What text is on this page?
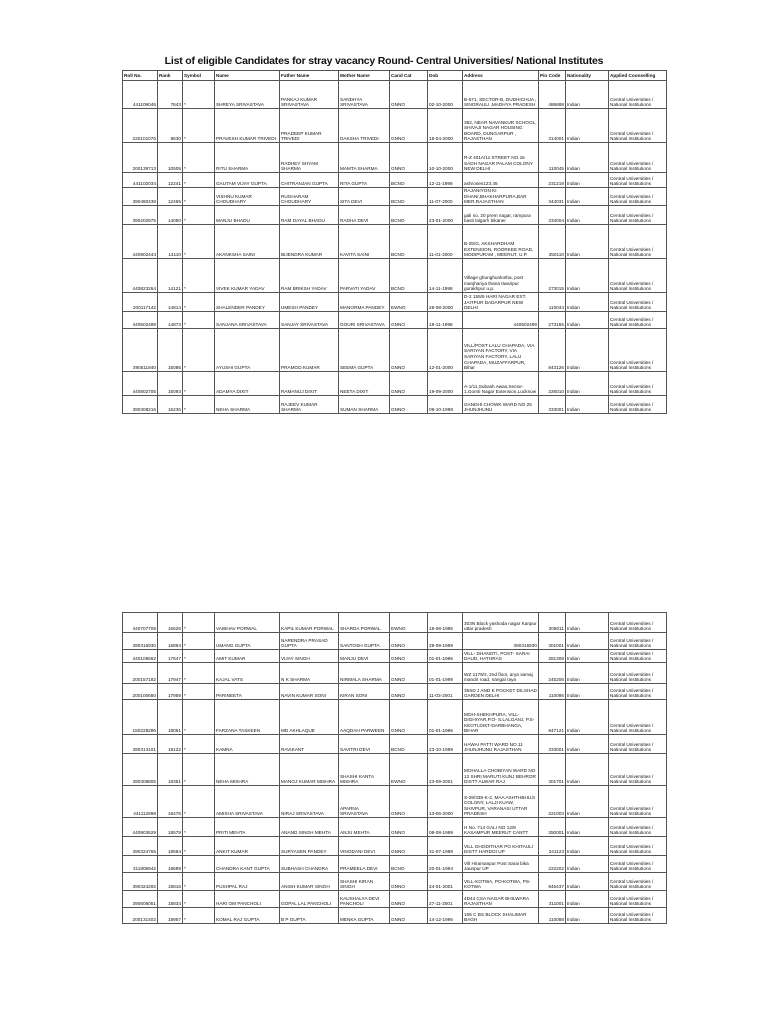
List of eligible Candidates for stray vacancy Round- Central Universities/ National Institutes
Roll No.	Rank	Symbol	Name	Father Name	Mother Name	Cand Cat	Dob	Address	Pin Code	Nationality	Applied Counselling
441109046	7643	*	SHREYA SRIVASTAVA	PANKAJ KUMAR SRIVASTAVA	SANDHYA SRIVASTAVA	GNNO	02-10-2000	B-571, SECTOR-B, DUDHICHUA , SINGRAULI ,MADHYA PRADESH	486888	Indian	Central Universities / National Institutions
220101075	8530	*	PRAVESH KUMAR TRIVEDI	PRADEEP KUMAR TRIVEDI	DAKSHA TRIVEDI	GNNO	18-04-2000	382, NEAR NAVANKUR SCHOOL, SHIVAJI NAGAR HOUSING BOARD, DUNGARPUR , RAJASTHAN	314001	Indian	Central Universities / National Institutions
200139713	10505	*	RITU SHARMA	RADHEY SHYAM SHARMA	MAMTA SHARMA	GNNO	10-10-2000	R-Z 401A/11 STREET NO.16 SADH NAGAR PALAM COLONY NEW DELHI	110045	Indian	Central Universities / National Institutions
441102034	12241	*	GAUTAM VIJAY GUPTA	CHITRANJAN GUPTA	RITA GUPTA	BCNO	12-11-1999	ashrosen123.45	231219	Indian	Central Universities / National Institutions
390480438	12465	*	VISHNU KUMAR CHOUDHARY	RUGHARAM CHOUDHARY	SITA DEVI	BCNO	11-07-2000	RAJANIYON KI DHANI,BHAKHARPURA,BAR MER,RAJASTHAN	344031	Indian	Central Universities / National Institutions
390202975	14050	*	MANJU BHADU	RAM DAYAL BHADU	RADHA DEVI	BCNO	23-01-2000	gali no. 20 prem nagar, rampura basti lalgarh bikaner	334004	Indian	Central Universities / National Institutions
440902444	14110	*	AKANKSHA SAINI	BIJENDRA KUMAR	KAVITA SAINI	BCNO	11-01-2000	B-25/G, AKSHARDHAM EXTENSION, ROORKEE ROAD, MODIPURAM , MEERUT, U.P.	250110	Indian	Central Universities / National Institutions
440823264	14121	*	VIVEK KUMAR YADAV	RAM BRIKSH YADAV	PARVATI YADAV	BCNO	14-11-1998	Village ghunghunkotha, post manjhariya thana tiwaripur gorakhpur u.p.	273015	Indian	Central Universities / National Institutions
200117142	14814	*	SHALENDER PANDEY	UMESH PANDEY	MANORMA PANDEY	EWNO	28-08-2000	D-2 155/5 HARI NAGAR EXT. JAITPUR BADARPUR NEW DELHI	110044	Indian	Central Universities / National Institutions
440502499	14873	*	SANJANA SRIVASTAVA	SANJAY SRIVASTAVA	GOURI SRIVASTAVA	GNNO	18-11-1998	440502499	273155	Indian	Central Universities / National Institutions
390511840	16086	*	AYUSHI GUPTA	PRAMOD KUMAR	SEEMA GUPTA	GNNO	12-01-2000	VILL/POST LALU CHAPADA, VIA SARIYAN FACTORY, VIA SARIYAN FACTORY, LALU CHAPADA, MUZAFFARPUR, Bihar	843126	Indian	Central Universities / National Institutions
440802705	16093	*	ADAMYA DIXIT	RAMANUJ DIXIT	NEETA DIXIT	GNNO	19-09-2000	A-1/11,Subash Awas,Sector-1,Gomti Nagar Extension,Lucknow	226010	Indian	Central Universities / National Institutions
390308216	16236	*	NEHA SHARMA	RAJEEV KUMAR SHARMA	SUMAN SHARMA	GNNO	09-10-1998	GANDHI CHOWK WARD NO.25 JHUNJHUNU	333001	Indian	Central Universities / National Institutions
440707709	16626	*	VAIBHAV PORWAL	KAPIL KUMAR PORWAL	SHARDA PORWAL	EWNO	18-08-1996	303N Block yashoda nagar Kanpur uttar pradesh	208011	Indian	Central Universities / National Institutions
390316930	16894	*	UMANG GUPTA	NARENDRA PRASAD GUPTA	SANTOSH GUPTA	GNNO	29-09-1999	390316930	301001	Indian	Central Universities / National Institutions
440108562	17647	*	AMIT KUMAR	VIJAY SINGH	MANJU DEVI	GNNO	01-01-1996	VILL- DHANOTI, POST- SARAI DAUD, HATHRAS	281308	Indian	Central Universities / National Institutions
200157182	17947	*	KAJAL VATS	N K SHARMA	NIRMALA SHARMA	GNNO	01-01-1999	WZ 1179/3, 2nd floor, arya samaj mandir road, nangal raya	245206	Indian	Central Universities / National Institutions
200100650	17959	*	PARINEETA	NAVIN KUMAR SONI	KIRAN SONI	GNNO	11-03-2001	35SD J AND K POCKET DILSHAD GARDEN DELHI	110095	Indian	Central Universities / National Institutions
150228296	18061	*	FARZANA TASKEEN	MD AKHLAQUE	AAQDAH PARWEEN	GNNO	01-01-1996	MOH-SHEKHPURA, VILL-DIGHIYAR,P.O- S.LALGANJ, P.S- KEOTI,DIST-DARBHANGA, BIHAR	847121	Indian	Central Universities / National Institutions
390313101	18122	*	KAMNA	RAVIKANT	SAVITRI DEVI	BCNO	23-10-1999	HAWAI PATTI WARD NO.11 JHUNJHUNU RAJASTHAN	333001	Indian	Central Universities / National Institutions
390308805	18351	*	NEHA MISHRA	MANOJ KUMAR MISHRA	SHASHI KANTA MISHRA	EWNO	23-09-2001	MOHALLA CHOBIYAN WARD NO 12 SHRI MARUTI KUNJ BEHROR DISTT ALWAR RAJ	301701	Indian	Central Universities / National Institutions
441112898	18476	*	AMISHA SRIVASTAVA	NIRAJ SRIVASTAVA	APARNA SRIVASTAVA	GNNO	13-06-2000	S-29/338-K-2, MAA ASHTHBHUJI COLONY, LALJI KUAW, SHIVPUR, VARANASI UTTAR PRADESH	221003	Indian	Central Universities / National Institutions
440903629	18578	*	PRITI MEHTA	ANAND SINGH MEHTA	ANJU MEHTA	GNNO	08-08-1999	H No. 714 GALI NO 12/8 KASAMPUR MEERUT CANTT	250001	Indian	Central Universities / National Institutions
390324765	18584	*	ANKIT KUMAR	SURYASEN PANDEY	VINODANI DEVI	GNNO	31-07-1998	VILL GHODITHAR PO KHITAULI DISTT HARDOI UP	241123	Indian	Central Universities / National Institutions
311808942	18689	*	CHANDRA KANT GUPTA	SUBHASH CHANDRA	PRAMEELA DEVI	BCNO	20-01-1994	Vill Hiramanpur Post Sarai bika Jaunpur UP	222202	Indian	Central Universities / National Institutions
390324292	18816	*	PUSHPAL RAJ	ANISH KUMAR SINGH	SHASHI KIRAN SINGH	GNNO	24-01-2001	VILL-KOTWA, PO-KOTWA, PS-KOTWA	845437	Indian	Central Universities / National Institutions
390606051	18834	*	HARI OM PANCHOLI	GOPAL LAL PANCHOLI	KAUSHALYA DEVI PANCHOLI	GNNO	27-11-2001	4D44 CSA NAGAR BHILWARA RAJASTHAN	311001	Indian	Central Universities / National Institutions
200131402	18957	*	KOMAL RAJ GUPTA	B P GUPTA	MENKA GUPTA	GNNO	14-12-1996	106 C BS BLOCK SHALIMAR BAGH	110088	Indian	Central Universities / National Institutions
